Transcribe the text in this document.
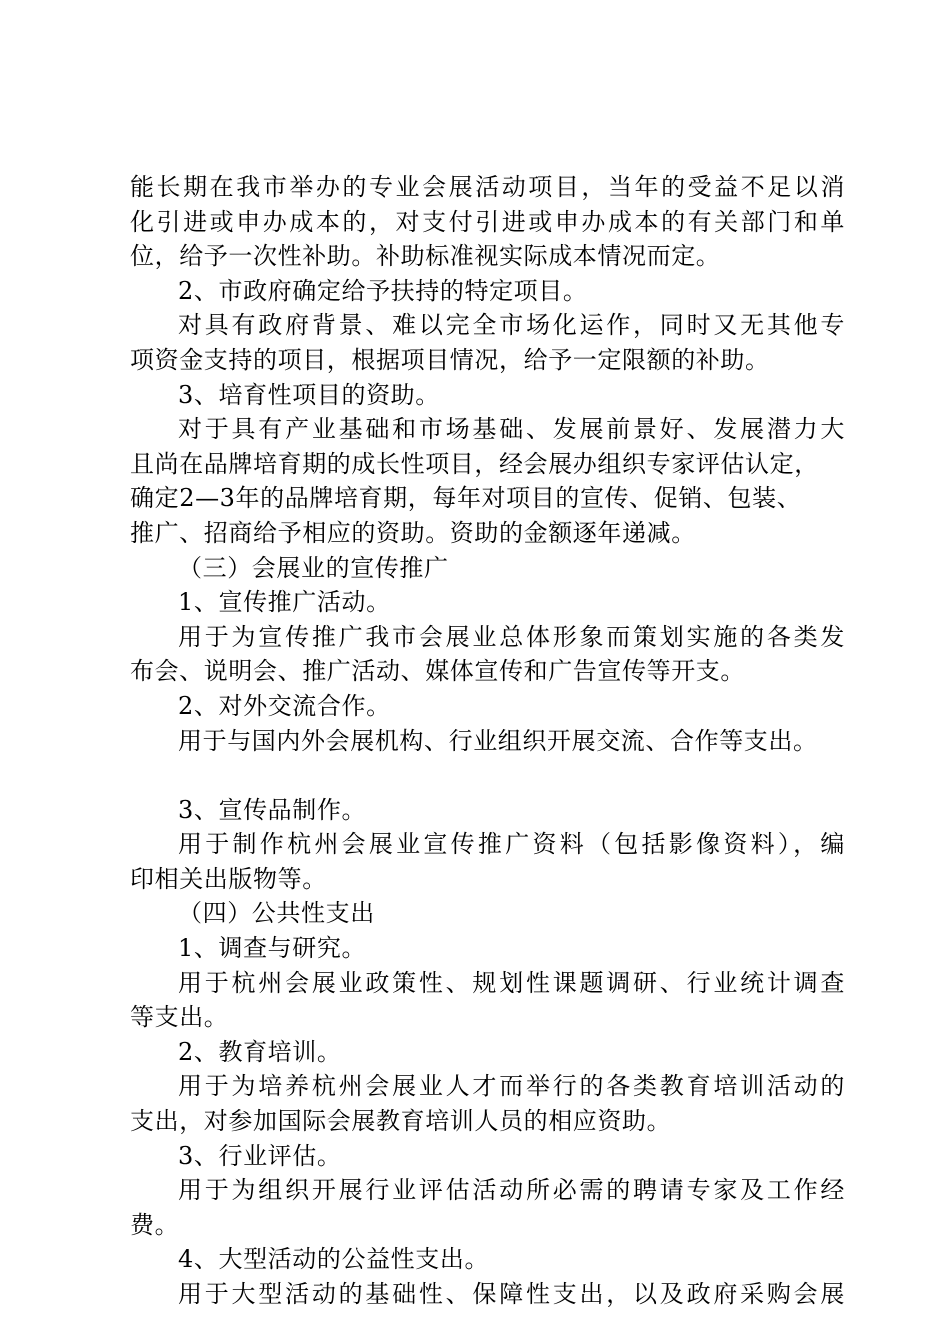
能长期在我市举办的专业会展活动项目，当年的受益不足以消
化引进或申办成本的，对支付引进或申办成本的有关部门和单
位，给予一次性补助。补助标准视实际成本情况而定。
2、市政府确定给予扶持的特定项目。
对具有政府背景、难以完全市场化运作，同时又无其他专
项资金支持的项目，根据项目情况，给予一定限额的补助。
3、培育性项目的资助。
对于具有产业基础和市场基础、发展前景好、发展潜力大
且尚在品牌培育期的成长性项目，经会展办组织专家评估认定，
确定2—3年的品牌培育期，每年对项目的宣传、促销、包装、
推广、招商给予相应的资助。资助的金额逐年递减。
（三）会展业的宣传推广
1、宣传推广活动。
用于为宣传推广我市会展业总体形象而策划实施的各类发
布会、说明会、推广活动、媒体宣传和广告宣传等开支。
2、对外交流合作。
用于与国内外会展机构、行业组织开展交流、合作等支出。
3、宣传品制作。
用于制作杭州会展业宣传推广资料（包括影像资料），编
印相关出版物等。
（四）公共性支出
1、调查与研究。
用于杭州会展业政策性、规划性课题调研、行业统计调查
等支出。
2、教育培训。
用于为培养杭州会展业人才而举行的各类教育培训活动的
支出，对参加国际会展教育培训人员的相应资助。
3、行业评估。
用于为组织开展行业评估活动所必需的聘请专家及工作经
费。
4、大型活动的公益性支出。
用于大型活动的基础性、保障性支出，以及政府采购会展
